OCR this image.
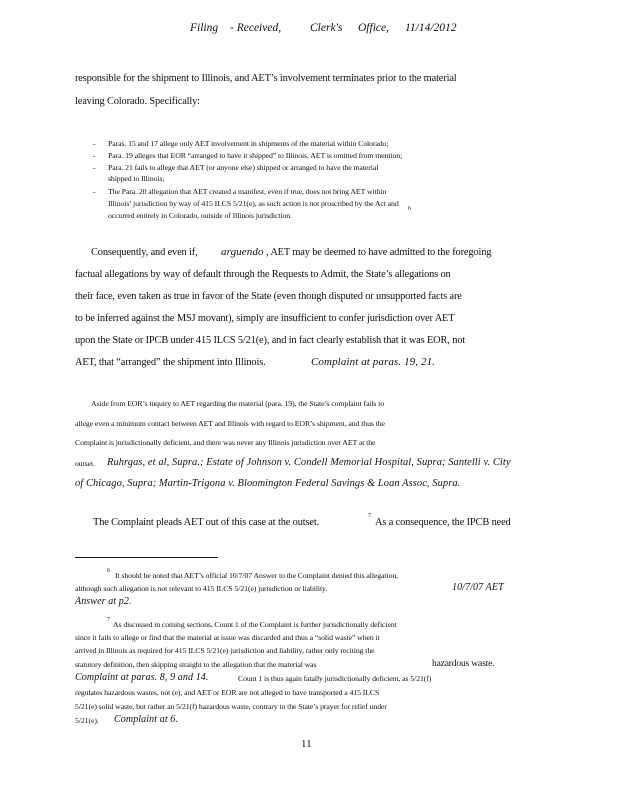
Filing - Received,	Clerk's Office, 11/14/2012
responsible for the shipment to Illinois, and AET’s involvement terminates prior to the material
leaving Colorado. Specifically:
- Paras. 15 and 17 allege only AET involvement in shipments of the material within Colorado;
- Para. 19 alleges that EOR “arranged to have it shipped” to Illinois, AET is omitted from mention;
- Para. 21 fails to allege that AET (or anyone else) shipped or arranged to have the material
shipped to Illinois;
- The Para. 20 allegation that AET created a manifest, even if true, does not bring AET within
Illinois’ jurisdiction by way of 415 ILCS 5/21(e), as such action is not proscribed by the Act and
occurred entirely in Colorado, outside of Illinois jurisdiction.
6
Consequently, and even if, arguendo , AET may be deemed to have admitted to the foregoing
factual allegations by way of default through the Requests to Admit, the State’s allegations on
their face, even taken as true in favor of the State (even though disputed or unsupported facts are
to be inferred against the MSJ movant), simply are insufficient to confer jurisdiction over AET
upon the State or IPCB under 415 ILCS 5/21(e), and in fact clearly establish that it was EOR, not
AET, that “arranged” the shipment into Illinois.	Complaint at paras. 19, 21.
Aside from EOR’s inquiry to AET regarding the material (para. 19), the State’s complaint fails to
allege even a minimum contact between AET and Illinois with regard to EOR’s shipment, and thus the
Complaint is jurisdictionally deficient, and there was never any Illinois jurisdiction over AET at the
outset. Ruhrgas, et al, Supra.; Estate of Johnson v. Condell Memorial Hospital, Supra; Santelli v. City
of Chicago, Supra; Martin-Trigona v. Bloomington Federal Savings & Loan Assoc, Supra.
The Complaint pleads AET out of this case at the outset.
7
As a consequence, the IPCB need
6 It should be noted that AET’s official 10/7/07 Answer to the Complaint denied this allegation,
although such allegation is not relevant to 415 ILCS 5/21(e) jurisdiction or liability.	10/7/07 AET
Answer at p2.
7 As discussed in coming sections, Count 1 of the Complaint is further jurisdictionally deficient
since it fails to allege or find that the material at issue was discarded and thus a “solid waste” when it
arrived in Illinois as required for 415 ILCS 5/21(e) jurisdiction and liability, rather only reciting the
statutory definition, then skipping straight to the allegation that the material was	hazardous waste.
Complaint at paras. 8, 9 and 14.	Count 1 is thus again fatally jurisdictionally deficient, as 5/21(f)
regulates hazardous wastes, not (e), and AET or EOR are not alleged to have transported a 415 ILCS
5/21(e) solid waste, but rather an 5/21(f) hazardous waste, contrary to the State’s prayer for relief under
5/21(e). Complaint at 6.
11
